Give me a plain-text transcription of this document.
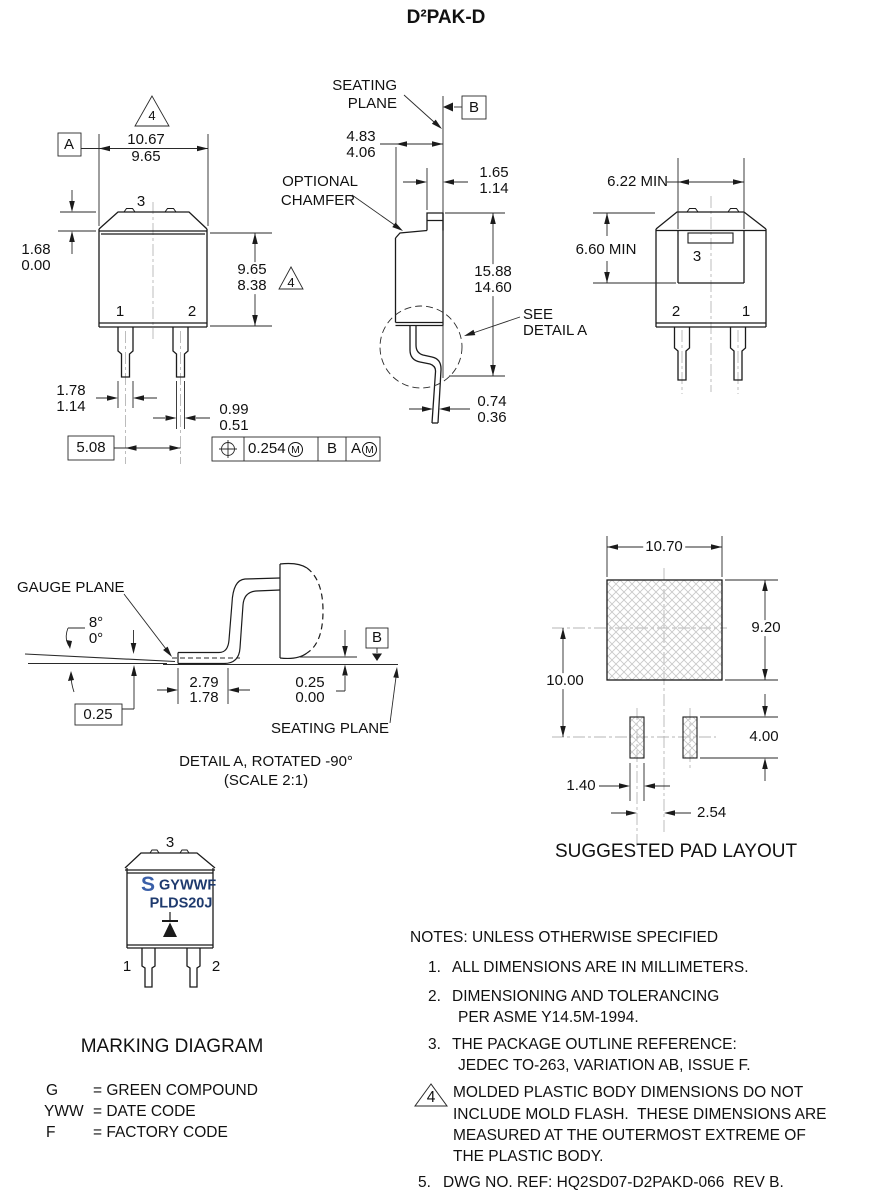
D²PAK-D
4
A	10.67
9.65
3
1.68
0.00	9.65
8.38 4
1	2
1.78
1.14	0.99
0.51
5.08	0.254 M B A M
SEATING
PLANE	B
4.83
4.06
1.65
1.14
OPTIONAL
CHAMFER
15.88
14.60
SEE
DETAIL A
0.74
0.36
6.22 MIN
6.60 MIN	3
2	1
GAUGE PLANE
8°
0°
0.25
2.79
1.78
0.25
0.00
B
SEATING PLANE
DETAIL A, ROTATED -90°
(SCALE 2:1)
10.70
9.20
10.00
4.00
1.40
2.54
SUGGESTED PAD LAYOUT
3
S GYWWF
PLDS20J
1	2
MARKING DIAGRAM
G = GREEN COMPOUND
YWW = DATE CODE
F = FACTORY CODE
NOTES: UNLESS OTHERWISE SPECIFIED
1. ALL DIMENSIONS ARE IN MILLIMETERS.
2. DIMENSIONING AND TOLERANCING
PER ASME Y14.5M-1994.
3. THE PACKAGE OUTLINE REFERENCE:
JEDEC TO-263, VARIATION AB, ISSUE F.
4 MOLDED PLASTIC BODY DIMENSIONS DO NOT
INCLUDE MOLD FLASH.  THESE DIMENSIONS ARE
MEASURED AT THE OUTERMOST EXTREME OF
THE PLASTIC BODY.
5. DWG NO. REF: HQ2SD07-D2PAKD-066  REV B.
